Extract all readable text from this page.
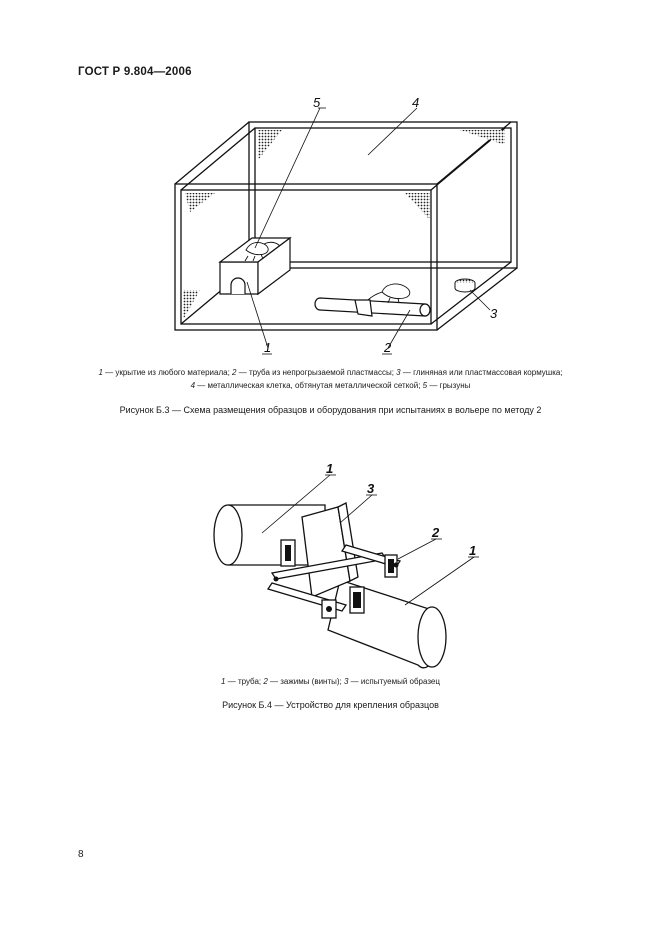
ГОСТ Р 9.804—2006
5	4
3
2
1
1 — укрытие из любого материала; 2 — труба из непрогрызаемой пластмассы; 3 — глиняная или пластмассовая кормушка;
4 — металлическая клетка, обтянутая металлической сеткой; 5 — грызуны
Рисунок Б.3 — Схема размещения образцов и оборудования при испытаниях в вольере по методу 2
1
3
2
1
1 — труба; 2 — зажимы (винты); 3 — испытуемый образец
Рисунок Б.4 — Устройство для крепления образцов
8
